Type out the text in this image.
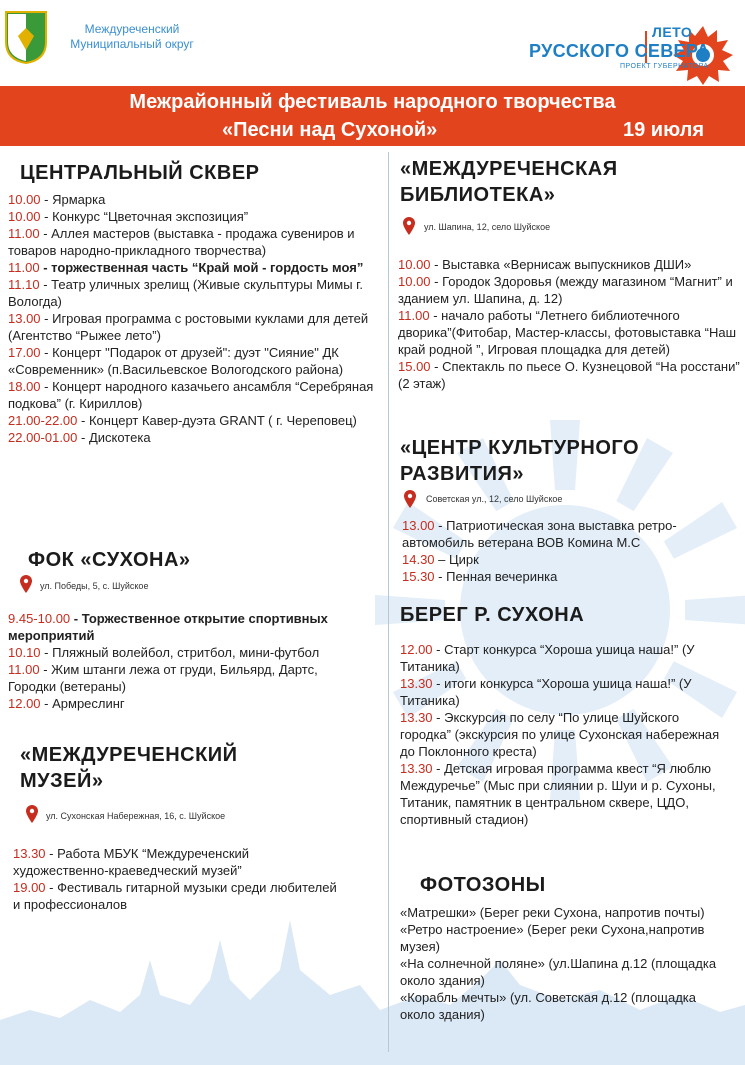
Междуреченский
Муниципальный округ
ЛЕТО
РУССКОГО СЕВЕРА
ПРОЕКТ ГУБЕРНАТОРА
Межрайонный фестиваль народного творчества
«Песни над Сухоной»	19 июля
ЦЕНТРАЛЬНЫЙ СКВЕР

10.00 - Ярмарка

10.00 - Конкурс “Цветочная экспозиция”

11.00 - Аллея мастеров (выставка - продажа сувениров и товаров народно-прикладного творчества)

11.00 - торжественная часть “Край мой - гордость моя”

11.10 - Театр уличных зрелищ (Живые скульптуры Мимы г. Вологда)

13.00 - Игровая программа с ростовыми куклами для детей (Агентство “Рыжее лето”)

17.00 - Концерт "Подарок от друзей": дуэт "Сияние" ДК «Современник» (п.Васильевское Вологодского района)

18.00 - Концерт народного казачьего ансамбля “Серебряная подкова” (г. Кириллов)

21.00-22.00 - Концерт Кавер-дуэта GRANT ( г. Череповец)

22.00-01.00 - Дискотека

ФОК «СУХОНА»
ул. Победы, 5, с. Шуйское

9.45-10.00 - Торжественное открытие спортивных мероприятий

10.10 - Пляжный волейбол, стритбол, мини-футбол

11.00 - Жим штанги лежа от груди, Бильярд, Дартс, Городки (ветераны)

12.00 - Армреслинг

«МЕЖДУРЕЧЕНСКИЙ
МУЗЕЙ»
ул. Сухонская Набережная, 16, с. Шуйское

13.30 - Работа МБУК “Междуреченский художественно-краеведческий музей”

19.00 - Фестиваль гитарной музыки среди любителей и профессионалов

«МЕЖДУРЕЧЕНСКАЯ
БИБЛИОТЕКА»
ул. Шапина, 12, село Шуйское

10.00 - Выставка «Вернисаж выпускников ДШИ»

10.00 - Городок Здоровья (между магазином “Магнит” и зданием ул. Шапина, д. 12)

11.00 - начало работы “Летнего библиотечного дворика”(Фитобар, Мастер-классы, фотовыставка “Наш край родной ”, Игровая площадка для детей)

15.00 - Спектакль по пьесе О. Кузнецовой “На росстани” (2 этаж)

«ЦЕНТР КУЛЬТУРНОГО
РАЗВИТИЯ»
Советская ул., 12, село Шуйское

13.00 - Патриотическая зона выставка ретро-автомобиль ветерана ВОВ Комина М.С

14.30 – Цирк

15.30 - Пенная вечеринка

БЕРЕГ Р. СУХОНА

12.00 - Старт конкурса “Хороша ушица наша!” (У Титаника)

13.30 - итоги конкурса “Хороша ушица наша!” (У Титаника)

13.30 - Экскурсия по селу “По улице Шуйского городка” (экскурсия по улице Сухонская набережная до Поклонного креста)

13.30 - Детская игровая программа квест “Я люблю Междуречье” (Мыс при слиянии р. Шуи и р. Сухоны, Титаник, памятник в центральном сквере, ЦДО, спортивный стадион)

ФОТОЗОНЫ

«Матрешки» (Берег реки Сухона, напротив почты)

«Ретро настроение» (Берег реки Сухона,напротив музея)

«На солнечной поляне» (ул.Шапина д.12 (площадка около здания)

«Корабль мечты» (ул. Советская д.12 (площадка около здания)
